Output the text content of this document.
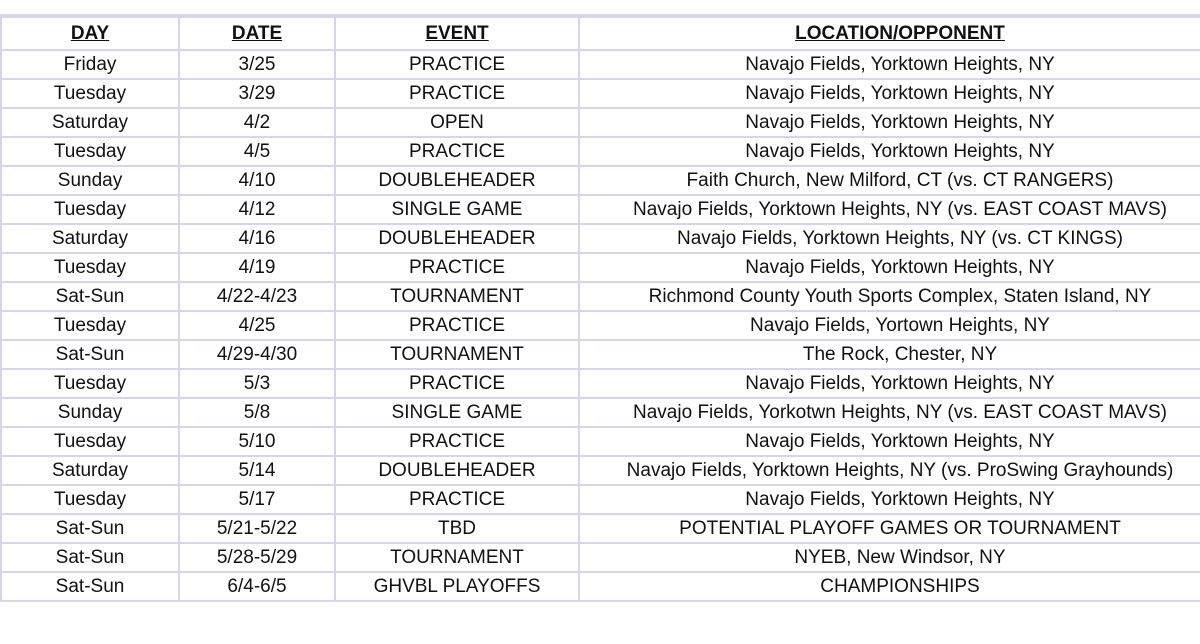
DAY	DATE	EVENT	LOCATION/OPPONENT
Friday	3/25	PRACTICE	Navajo Fields, Yorktown Heights, NY
Tuesday	3/29	PRACTICE	Navajo Fields, Yorktown Heights, NY
Saturday	4/2	OPEN	Navajo Fields, Yorktown Heights, NY
Tuesday	4/5	PRACTICE	Navajo Fields, Yorktown Heights, NY
Sunday	4/10	DOUBLEHEADER	Faith Church, New Milford, CT (vs. CT RANGERS)
Tuesday	4/12	SINGLE GAME	Navajo Fields, Yorktown Heights, NY (vs. EAST COAST MAVS)
Saturday	4/16	DOUBLEHEADER	Navajo Fields, Yorktown Heights, NY (vs. CT KINGS)
Tuesday	4/19	PRACTICE	Navajo Fields, Yorktown Heights, NY
Sat-Sun	4/22-4/23	TOURNAMENT	Richmond County Youth Sports Complex, Staten Island, NY
Tuesday	4/25	PRACTICE	Navajo Fields, Yortown Heights, NY
Sat-Sun	4/29-4/30	TOURNAMENT	The Rock, Chester, NY
Tuesday	5/3	PRACTICE	Navajo Fields, Yorktown Heights, NY
Sunday	5/8	SINGLE GAME	Navajo Fields, Yorkotwn Heights, NY (vs. EAST COAST MAVS)
Tuesday	5/10	PRACTICE	Navajo Fields, Yorktown Heights, NY
Saturday	5/14	DOUBLEHEADER	Navajo Fields, Yorktown Heights, NY (vs. ProSwing Grayhounds)
Tuesday	5/17	PRACTICE	Navajo Fields, Yorktown Heights, NY
Sat-Sun	5/21-5/22	TBD	POTENTIAL PLAYOFF GAMES OR TOURNAMENT
Sat-Sun	5/28-5/29	TOURNAMENT	NYEB, New Windsor, NY
Sat-Sun	6/4-6/5	GHVBL PLAYOFFS	CHAMPIONSHIPS
